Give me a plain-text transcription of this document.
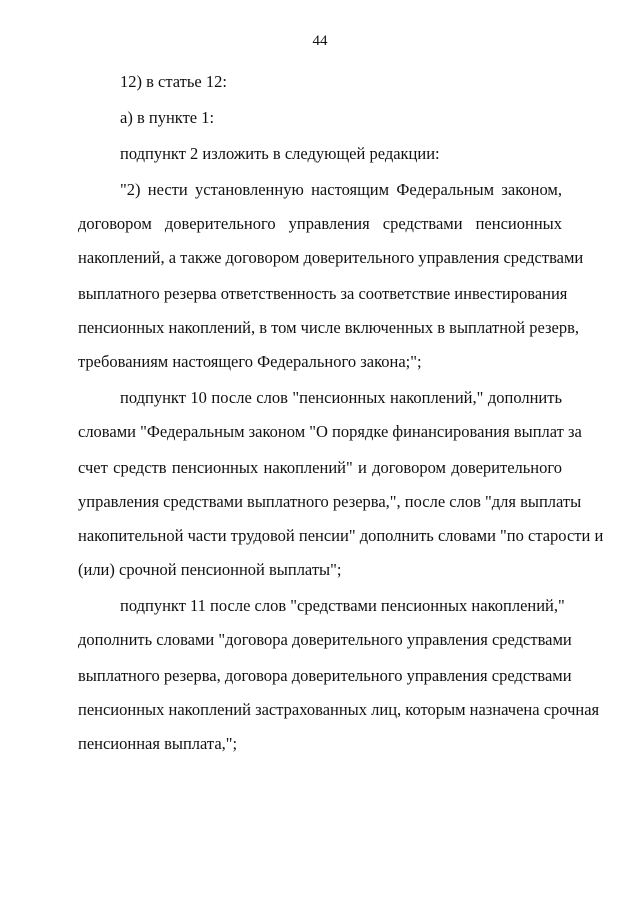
44
12) в статье 12:
а) в пункте 1:
подпункт 2 изложить в следующей редакции:
"2) нести установленную настоящим Федеральным законом,
договором доверительного управления средствами пенсионных
накоплений, а также договором доверительного управления средствами
выплатного резерва ответственность за соответствие инвестирования
пенсионных накоплений, в том числе включенных в выплатной резерв,
требованиям настоящего Федерального закона;";
подпункт 10 после слов "пенсионных накоплений," дополнить
словами "Федеральным законом "О порядке финансирования выплат за
счет средств пенсионных накоплений" и договором доверительного
управления средствами выплатного резерва,", после слов "для выплаты
накопительной части трудовой пенсии" дополнить словами "по старости и
(или) срочной пенсионной выплаты";
подпункт 11 после слов "средствами пенсионных накоплений,"
дополнить словами "договора доверительного управления средствами
выплатного резерва, договора доверительного управления средствами
пенсионных накоплений застрахованных лиц, которым назначена срочная
пенсионная выплата,";
